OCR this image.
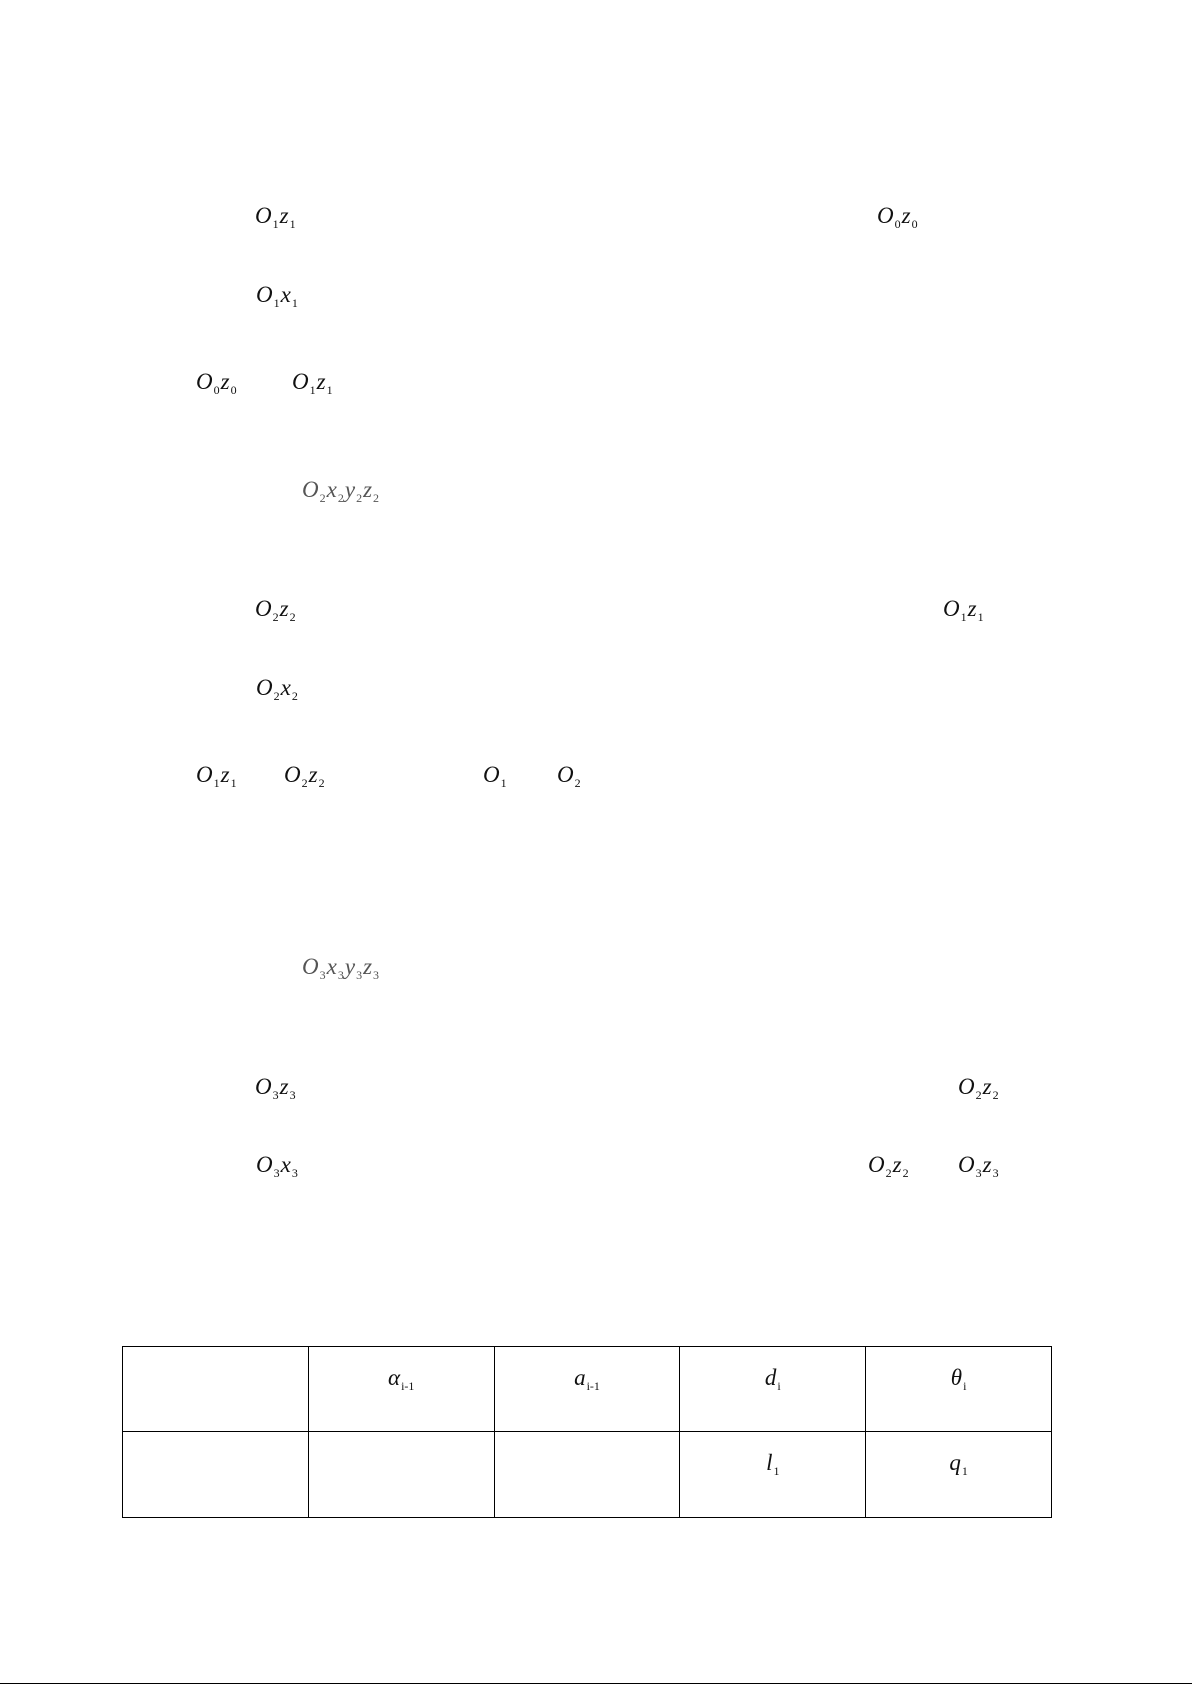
$O_1z_1$	$O_0z_0$
$O_1x_1$
$O_0z_0$ $O_1z_1$
$O_2x_2y_2z_2$
$O_2z_2$	$O_1z_1$
$O_2x_2$
$O_1z_1$ $O_2z_2$	$O_1$ $O_2$
$O_3x_3y_3z_3$
$O_3z_3$	$O_2z_2$
$O_3x_3$	$O_2z_2$ $O_3z_3$
	$\alpha_{i-1}$	$a_{i-1}$	$d_i$	$\theta_i$
			$l_1$	$q_1$
